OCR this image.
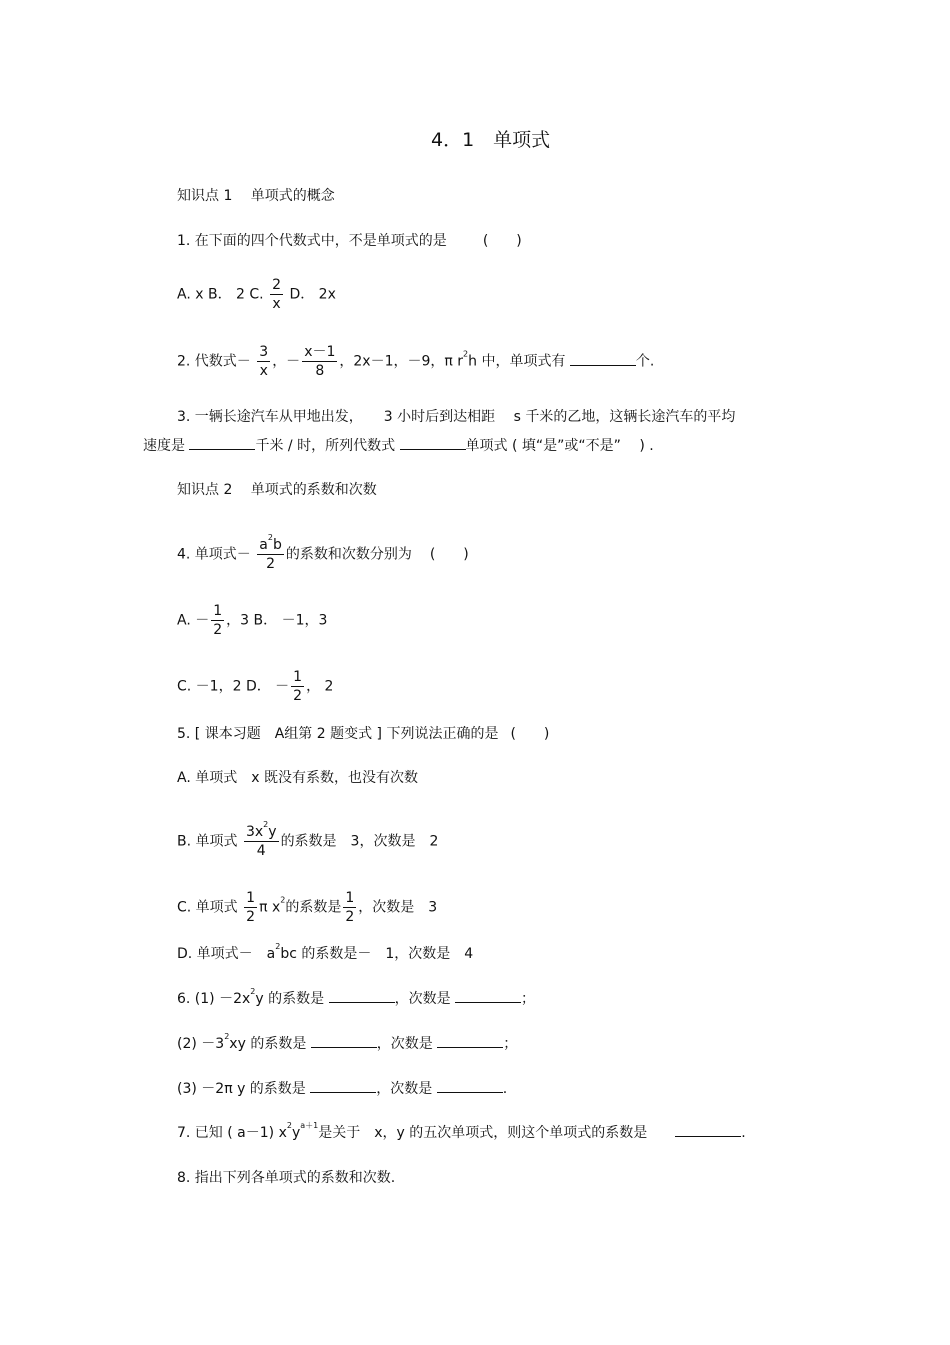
4．1　单项式
知识点 1　 单项式的概念
1. 在下面的四个代数式中，不是单项式的是	(　　)
A. x B． 2 C. $\frac{2}{x}$ D． 2x
2. 代数式－ $\frac{3}{x}$ ，－ $\frac{x-1}{8}$ ，2x－1，－9，π $r^2h$ 中，单项式有	个.
3. 一辆长途汽车从甲地出发，　　3 小时后到达相距　 s 千米的乙地，这辆长途汽车的平均
速度是	千米 / 时，所列代数式	单项式 ( 填“是”或“不是”　 ) .
知识点 2　 单项式的系数和次数
4. 单项式－ $\frac{a^2b}{2}$ 的系数和次数分别为 (　　)
A. － $\frac{1}{2}$ ，3 B． －1，3
C. －1，2 D． － $\frac{1}{2}$ ， 2
5. [ 课本习题　A组第 2 题变式 ] 下列说法正确的是 (　　)
A. 单项式　x 既没有系数，也没有次数
B. 单项式 $\frac{3x^2y}{4}$ 的系数是　3，次数是　2
C. 单项式 $\frac{1}{2}$ π $x^2$的系数是 $\frac{1}{2}$ ，次数是　3
D. 单项式－　$a^2bc$ 的系数是－　1，次数是　4
6. $(1) -2x^2y$ 的系数是	，次数是	；
$(2) -3^2xy$ 的系数是	，次数是	；
(3) －2π y 的系数是	，次数是	.
7. 已知 ( a－1) $x^2y^{a+1}$是关于　x，y 的五次单项式，则这个单项式的系数是	.
8. 指出下列各单项式的系数和次数.
